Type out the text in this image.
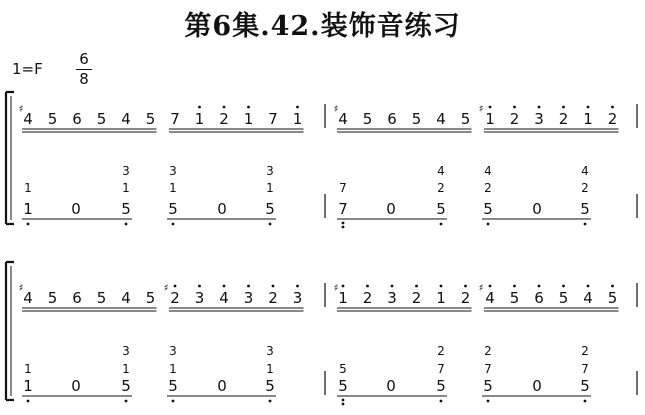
第6集.42.装饰音练习
1=F
6
8
♯
4 5 6 5 4 5 7 1 2 1 7 1
♯
4 5 6 5 4 5 1
♯
2 3 2 1 2
1
1
0	5
1
3
5
1
3
0	5
1
3
7
7
0	5
2
4
5
2
4
0	5
2
4
♯
4 5 6 5 4 5 2
♯
3 4 3 2 3
♯
1 2 3 2 1 2 4
♯
5 6 5 4 5
1
1
0	5
1
3
5
1
3
0	5
1
3
5
5
0	5
7
2
5
7
2
0	5
7
2
